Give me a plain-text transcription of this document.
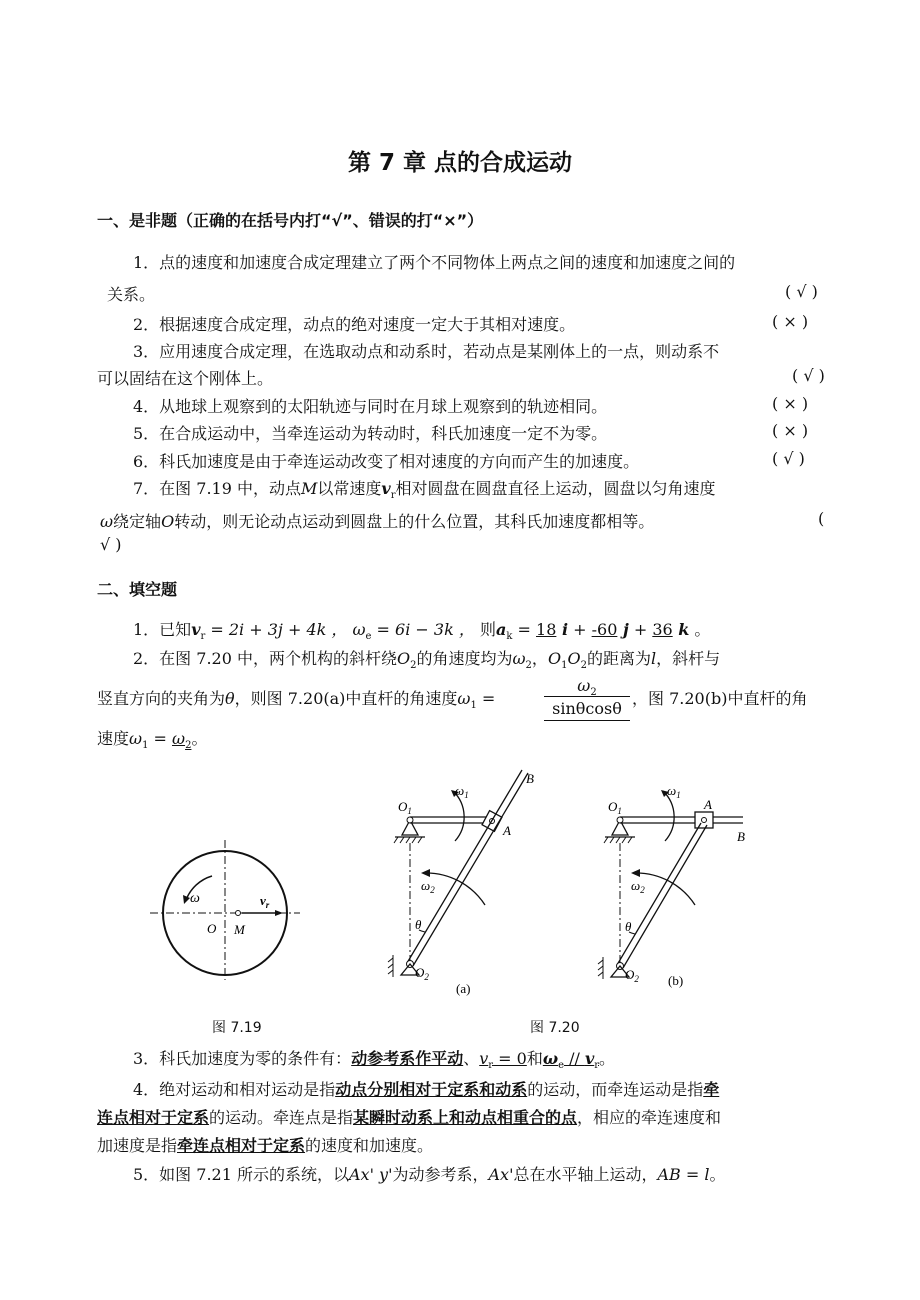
第 7 章 点的合成运动
一、是非题（正确的在括号内打“√”、错误的打“×”）
1．点的速度和加速度合成定理建立了两个不同物体上两点之间的速度和加速度之间的
关系。	( √ )
2．根据速度合成定理，动点的绝对速度一定大于其相对速度。	( × )
3．应用速度合成定理，在选取动点和动系时，若动点是某刚体上的一点，则动系不
可以固结在这个刚体上。	( √ )
4．从地球上观察到的太阳轨迹与同时在月球上观察到的轨迹相同。	( × )
5．在合成运动中，当牵连运动为转动时，科氏加速度一定不为零。	( × )
6．科氏加速度是由于牵连运动改变了相对速度的方向而产生的加速度。	( √ )
7．在图 7.19 中，动点M以常速度$v_r$相对圆盘在圆盘直径上运动，圆盘以匀角速度
ω绕定轴O转动，则无论动点运动到圆盘上的什么位置，其科氏加速度都相等。	(
√ )
二、填空题
1．已知$v_r = 2i + 3j + 4k$ ， $\omega_e = 6i - 3k$ ， 则$a_k = 18$ i + -60 j + 36 k 。
2．在图 7.20 中，两个机构的斜杆绕$O_2$的角速度均为$\omega_2$，$O_1O_2$的距离为l，斜杆与
竖直方向的夹角为θ，则图 7.20(a)中直杆的角速度$\omega_1$ =
$\omega_2$
sinθcosθ
，图 7.20(b)中直杆的角
速度$\omega_1 = \omega_2$。
ω	$v_r$
O M
B
A
$O_1$
$\omega_1$
$\omega_2$
θ
$O_2$
(a)
A
B
$O_1$
$\omega_1$
$\omega_2$
θ
$O_2$ (b)
图 7.19	图 7.20
3．科氏加速度为零的条件有：动参考系作平动、$v_r = 0$和$\omega_e // v_r$。
4．绝对运动和相对运动是指动点分别相对于定系和动系的运动，而牵连运动是指牵
连点相对于定系的运动。牵连点是指某瞬时动系上和动点相重合的点，相应的牵连速度和
加速度是指牵连点相对于定系的速度和加速度。
5．如图 7.21 所示的系统，以Ax' y'为动参考系，Ax'总在水平轴上运动，AB = l。
